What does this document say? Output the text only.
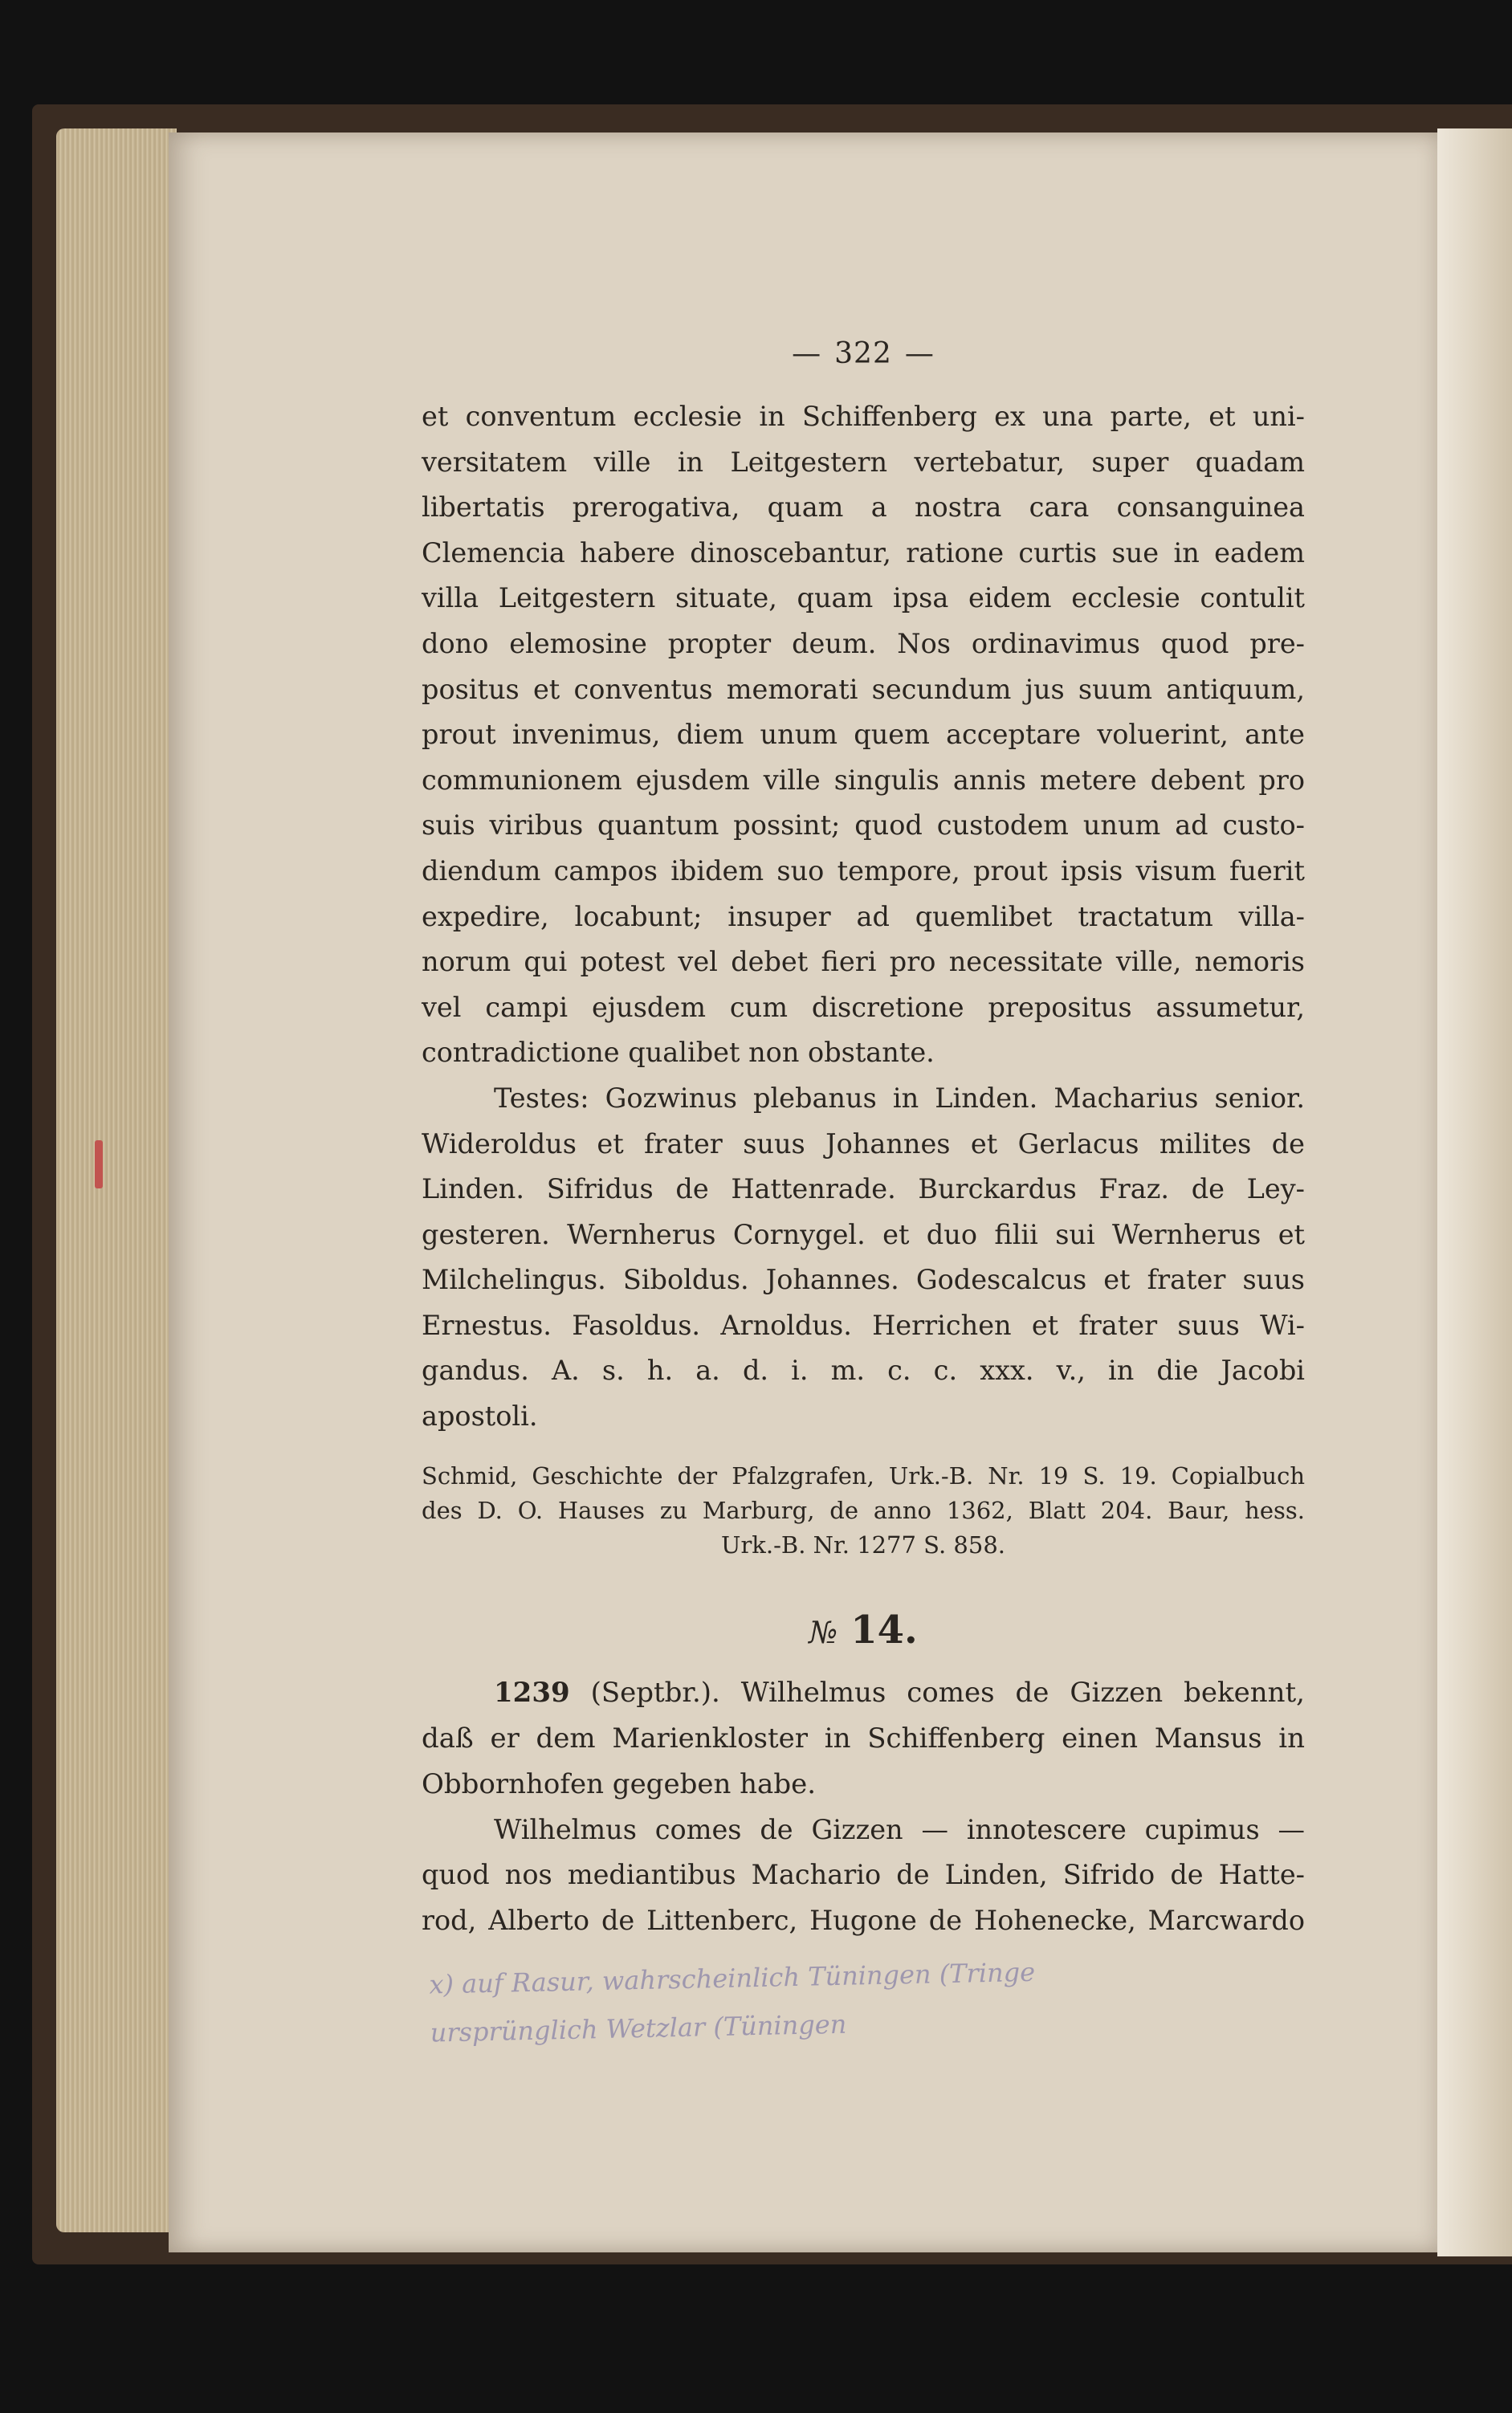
— 322 —

et conventum ecclesie in Schiffenberg ex una parte, et uni-
versitatem ville in Leitgestern vertebatur, super quadam
libertatis prerogativa, quam a nostra cara consanguinea
Clemencia habere dinoscebantur, ratione curtis sue in eadem
villa Leitgestern situate, quam ipsa eidem ecclesie contulit
dono elemosine propter deum. Nos ordinavimus quod pre-
positus et conventus memorati secundum jus suum antiquum,
prout invenimus, diem unum quem acceptare voluerint, ante
communionem ejusdem ville singulis annis metere debent pro
suis viribus quantum possint; quod custodem unum ad custo-
diendum campos ibidem suo tempore, prout ipsis visum fuerit
expedire, locabunt; insuper ad quemlibet tractatum villa-
norum qui potest vel debet fieri pro necessitate ville, nemoris
vel campi ejusdem cum discretione prepositus assumetur,
contradictione qualibet non obstante.

Testes: Gozwinus plebanus in Linden. Macharius senior.
Wideroldus et frater suus Johannes et Gerlacus milites de
Linden. Sifridus de Hattenrade. Burckardus Fraz. de Ley-
gesteren. Wernherus Cornygel. et duo filii sui Wernherus et
Milchelingus. Siboldus. Johannes. Godescalcus et frater suus
Ernestus. Fasoldus. Arnoldus. Herrichen et frater suus Wi-
gandus. A. s. h. a. d. i. m. c. c. xxx. v., in die Jacobi
apostoli.

Schmid, Geschichte der Pfalzgrafen, Urk.-B. Nr. 19 S. 19. Copialbuch
des D. O. Hauses zu Marburg, de anno 1362, Blatt 204. Baur, hess.
Urk.-B. Nr. 1277 S. 858.
№ 14.
1239 (Septbr.). Wilhelmus comes de Gizzen bekennt,
daß er dem Marienkloster in Schiffenberg einen Mansus in
Obbornhofen gegeben habe.

Wilhelmus comes de Gizzen — innotescere cupimus —
quod nos mediantibus Machario de Linden, Sifrido de Hatte-
rod, Alberto de Littenberc, Hugone de Hohenecke, Marcwardo

x) auf Rasur, wahrscheinlich Tüningen (Tringe
ursprünglich Wetzlar (Tüningen
